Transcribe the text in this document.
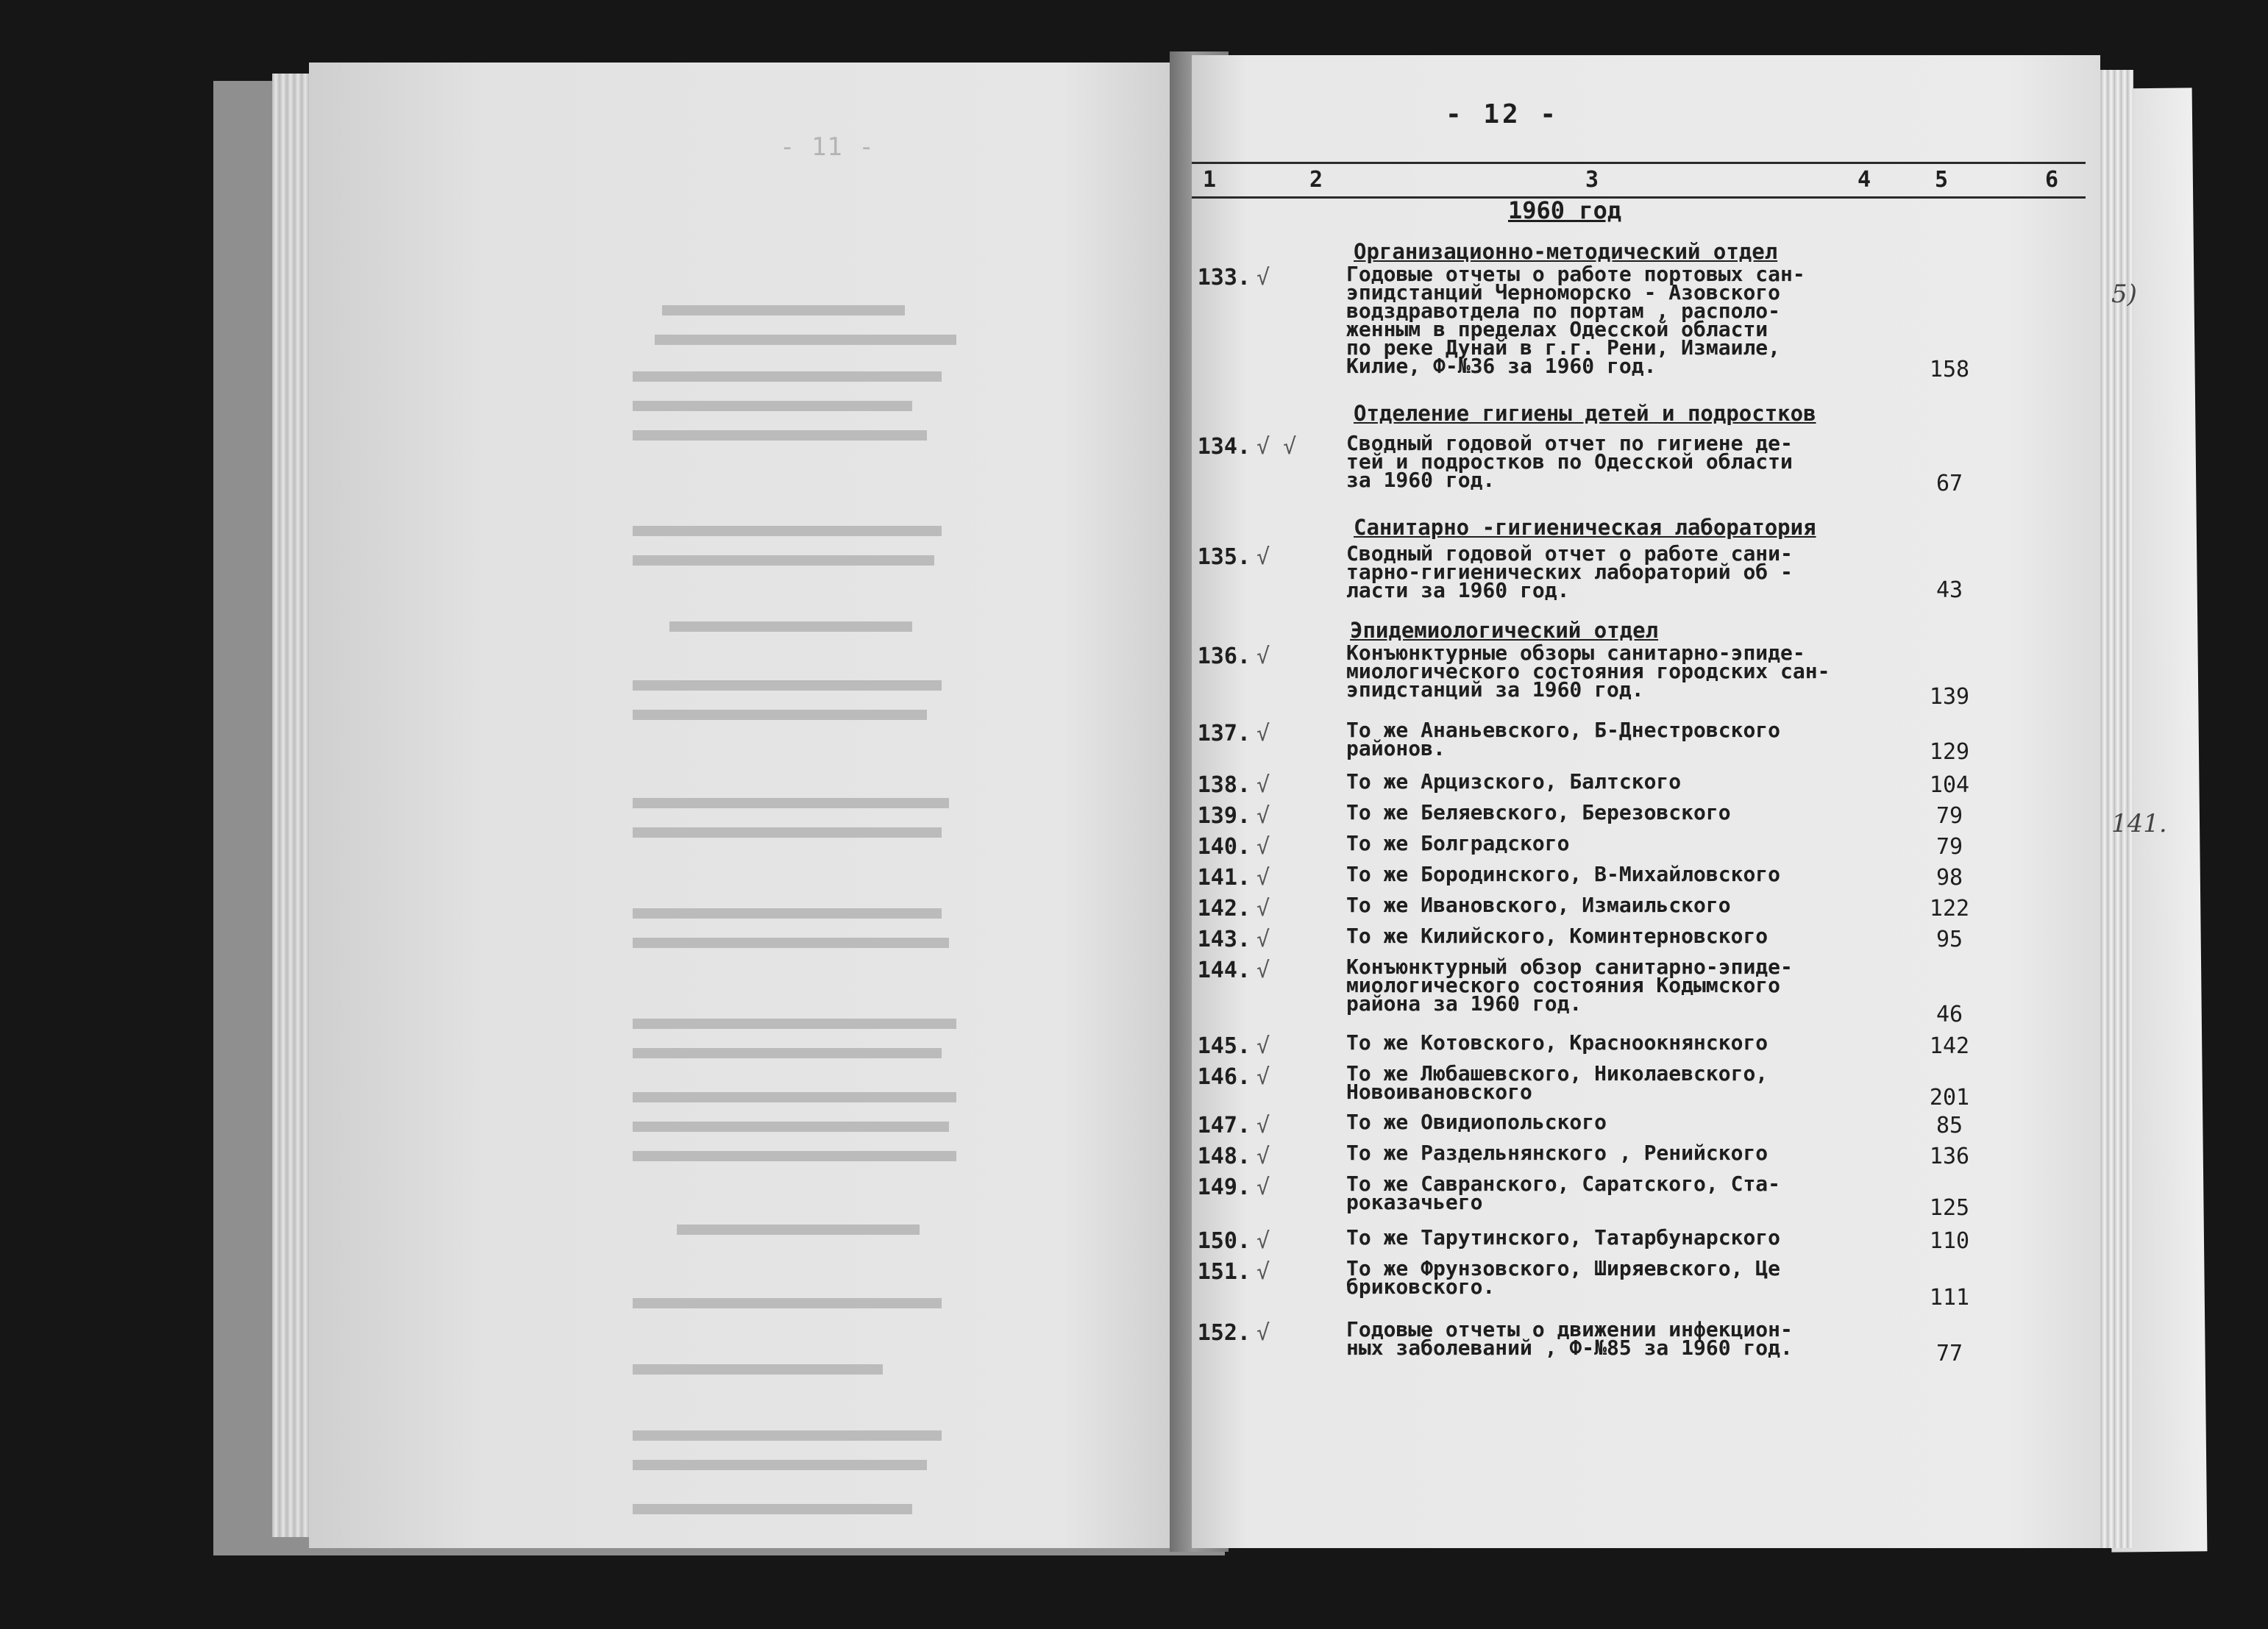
- 11 -
- 12 -
1	2	3	4	5	6
1960 год
Организационно-методический отдел
133. √	Годовые отчеты о работе портовых сан-
эпидстанций Черноморско - Азовского
водздравотдела по портам , располо-
женным в пределах Одесской области
по реке Дунай в г.г. Рени, Измаиле,
Килие, Ф-№36 за 1960 год.	158
Отделение гигиены детей и подростков
134. √ √ Сводный годовой отчет по гигиене де-
тей и подростков по Одесской области
за 1960 год.	67
Санитарно -гигиеническая лаборатория
135. √	Сводный годовой отчет о работе сани-
тарно-гигиенических лабораторий об -
ласти за 1960 год.	43
Эпидемиологический отдел
136. √	Конъюнктурные обзоры санитарно-эпиде-
миологического состояния городских сан-
эпидстанций за 1960 год.	139
137. √	То же Ананьевского, Б-Днестровского
районов.	129
138. √	То же Арцизского, Балтского	104
139. √	То же Беляевского, Березовского	79
140. √	То же Болградского	79
141. √	То же Бородинского, В-Михайловского	98
142. √	То же Ивановского, Измаильского	122
143. √	То же Килийского, Коминтерновского	95
144. √	Конъюнктурный обзор санитарно-эпиде-
миологического состояния Кодымского
района за 1960 год.	46
145. √	То же Котовского, Красноокнянского	142
146. √	То же Любашевского, Николаевского,
Новоивановского	201
147. √	То же Овидиопольского	85
148. √	То же Раздельнянского , Ренийского	136
149. √	То же Савранского, Саратского, Ста-
роказачьего	125
150. √	То же Тарутинского, Татарбунарского	110
151. √	То же Фрунзовского, Ширяевского, Це бриковского.	111
152. √	Годовые отчеты о движении инфекцион-
ных заболеваний , Ф-№85 за 1960 год.	77
5)
141.
